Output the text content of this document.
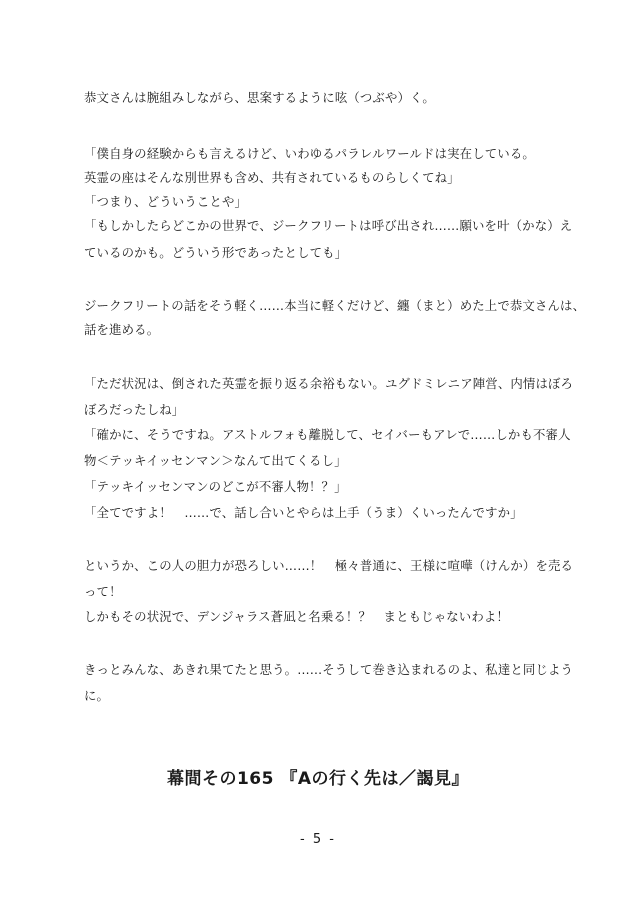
恭文さんは腕組みしながら、思案するように呟（つぶや）く。
「僕自身の経験からも言えるけど、いわゆるパラレルワールドは実在している。
英霊の座はそんな別世界も含め、共有されているものらしくてね」
「つまり、どういうことや」
「もしかしたらどこかの世界で、ジークフリートは呼び出され……願いを叶（かな）え
ているのかも。どういう形であったとしても」
ジークフリートの話をそう軽く……本当に軽くだけど、纏（まと）めた上で恭文さんは、
話を進める。
「ただ状況は、倒された英霊を振り返る余裕もない。ユグドミレニア陣営、内情はぼろ
ぼろだったしね」
「確かに、そうですね。アストルフォも離脱して、セイバーもアレで……しかも不審人
物＜テッキイッセンマン＞なんて出てくるし」
「テッキイッセンマンのどこが不審人物！？」
「全てですよ！　……で、話し合いとやらは上手（うま）くいったんですか」
というか、この人の胆力が恐ろしい……！　極々普通に、王様に喧嘩（けんか）を売る
って！
しかもその状況で、デンジャラス蒼凪と名乗る！？　まともじゃないわよ！
きっとみんな、あきれ果てたと思う。……そうして巻き込まれるのよ、私達と同じよう
に。
幕間その165 『Aの行く先は／謁見』
- 5 -
